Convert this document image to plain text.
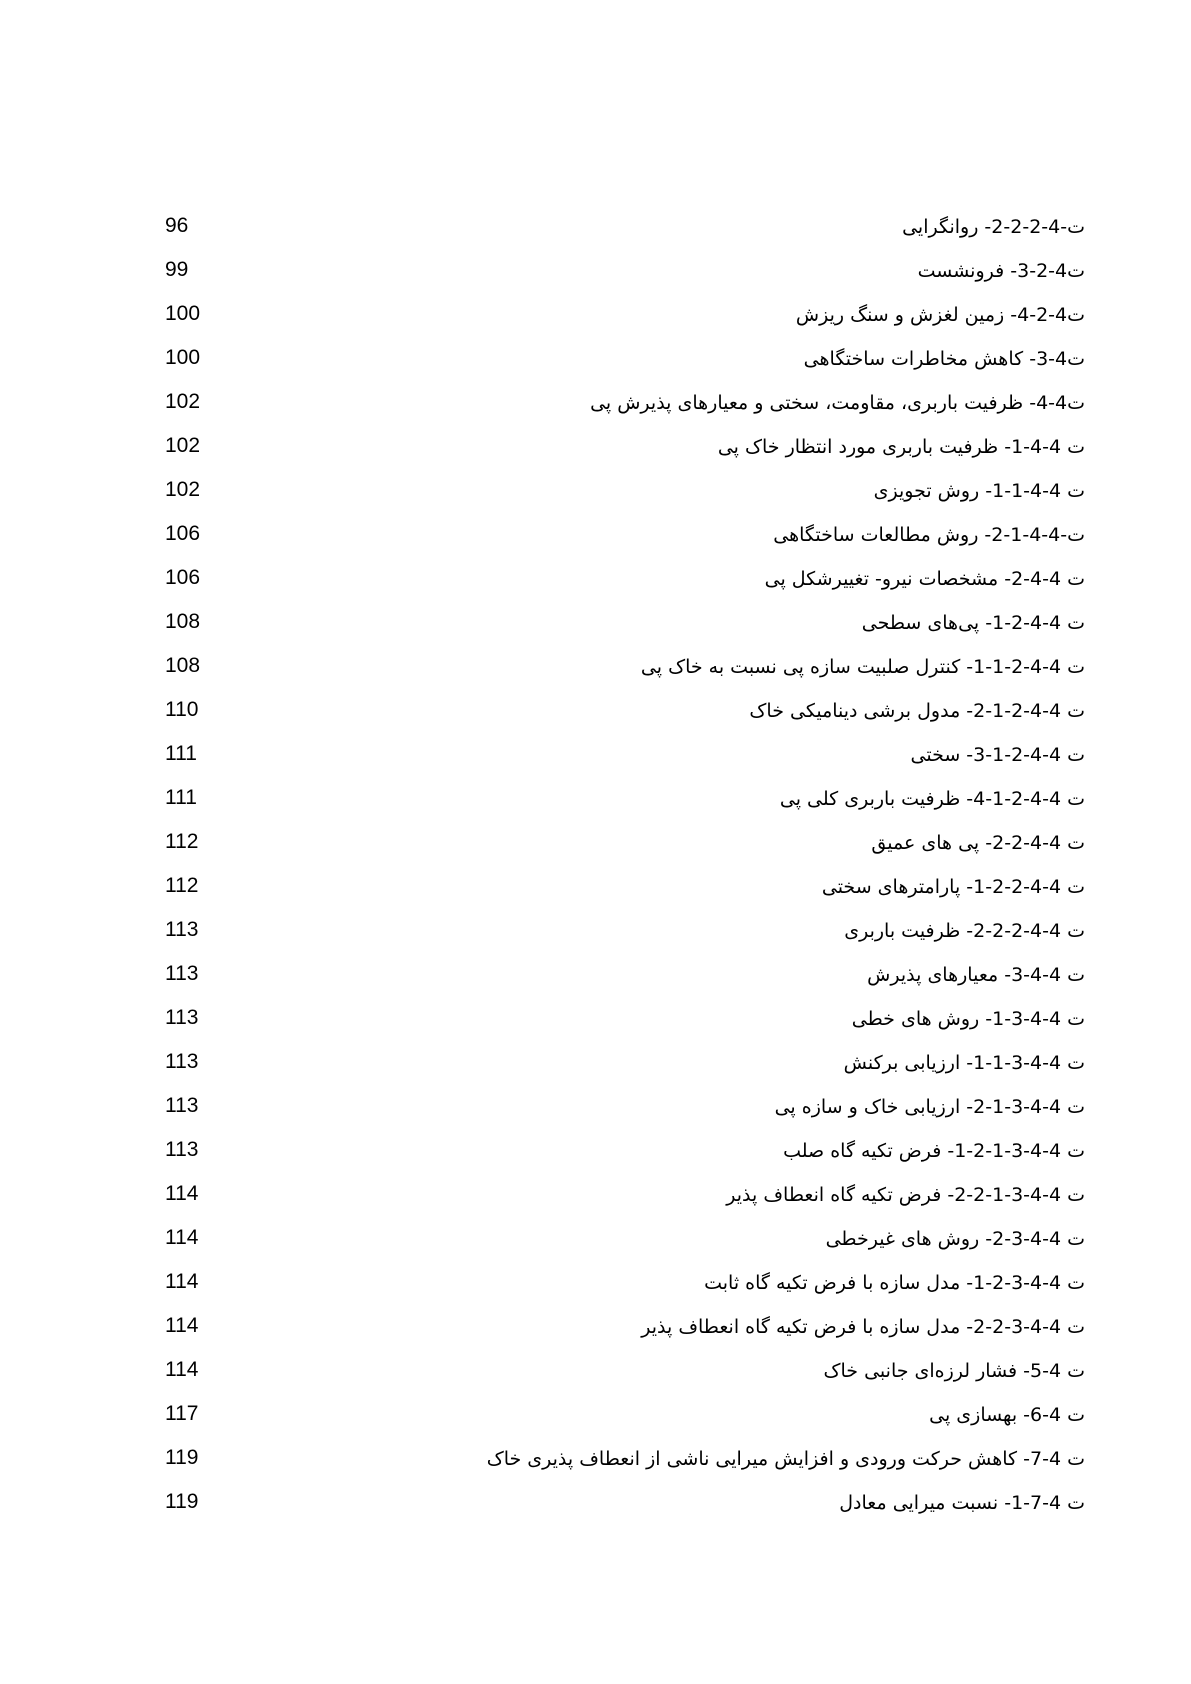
96	ت-4-2-2-2- روانگرایی
99	ت4-2-3- فرونشست
100	ت4-2-4- زمین لغزش و سنگ ریزش
100	ت4-3- کاهش مخاطرات ساختگاهی
102	ت4-4- ظرفیت باربری، مقاومت، سختی و معیارهای پذیرش پی
102	ت 4-4-1- ظرفیت باربری مورد انتظار خاک پی
102	ت 4-4-1-1- روش تجویزی
106	ت-4-4-1-2- روش مطالعات ساختگاهی
106	ت 4-4-2- مشخصات نیرو- تغییرشکل پی
108	ت 4-4-2-1- پی‌های سطحی
108	ت 4-4-2-1-1- کنترل صلبیت سازه پی نسبت به خاک پی
110	ت 4-4-2-1-2- مدول برشی دینامیکی خاک
111	ت 4-4-2-1-3- سختی
111	ت 4-4-2-1-4- ظرفیت باربری کلی پی
112	ت 4-4-2-2- پی های عمیق
112	ت 4-4-2-2-1- پارامترهای سختی
113	ت 4-4-2-2-2- ظرفیت باربری
113	ت 4-4-3- معیارهای پذیرش
113	ت 4-4-3-1- روش های خطی
113	ت 4-4-3-1-1- ارزیابی برکنش
113	ت 4-4-3-1-2- ارزیابی خاک و سازه پی
113	ت 4-4-3-1-2-1- فرض تکیه گاه صلب
114	ت 4-4-3-1-2-2- فرض تکیه گاه انعطاف پذیر
114	ت 4-4-3-2- روش های غیرخطی
114	ت 4-4-3-2-1- مدل سازه با فرض تکیه گاه ثابت
114	ت 4-4-3-2-2- مدل سازه با فرض تکیه گاه انعطاف پذیر
114	ت 4-5- فشار لرزه‌ای جانبی خاک
117	ت 4-6- بهسازی پی
119	ت 4-7- کاهش حرکت ورودی و افزایش میرایی ناشی از انعطاف پذیری خاک
119	ت 4-7-1- نسبت میرایی معادل
